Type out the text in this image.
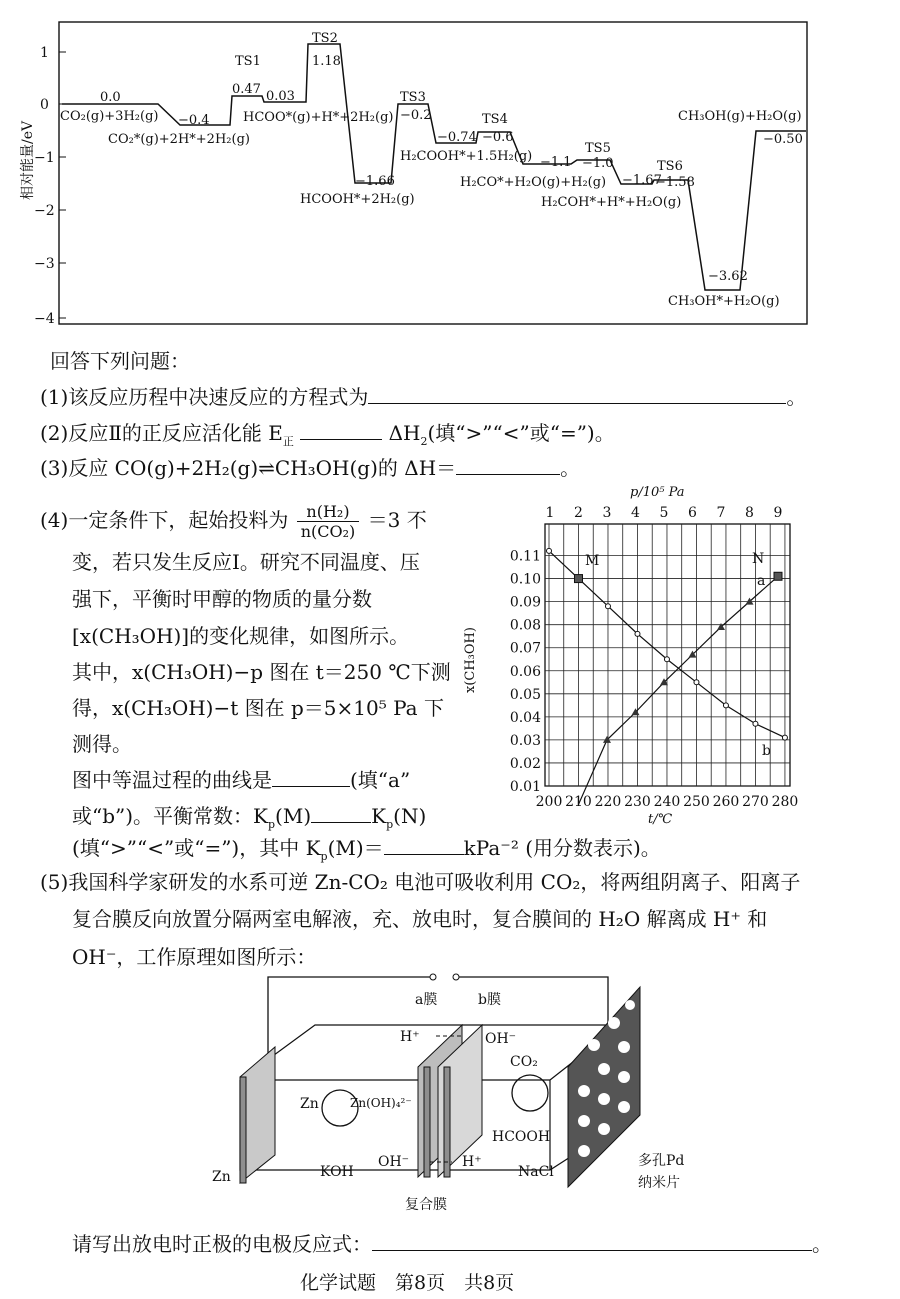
相对能量/eV
1
0
−1
−2
−3
−4
0.0
CO₂(g)+3H₂(g) −0.4
CO₂*(g)+2H*+2H₂(g)
TS1
0.47 0.03
HCOO*(g)+H*+2H₂(g)
TS2
1.18
−1.66
HCOOH*+2H₂(g)
TS3
−0.2
−0.74
H₂COOH*+1.5H₂(g)
TS4
−0.6
−1.1
H₂CO*+H₂O(g)+H₂(g)
TS5
−1.0
−1.67
H₂COH*+H*+H₂O(g)
TS6
−1.58
−3.62
CH₃OH*+H₂O(g)
−0.50
CH₃OH(g)+H₂O(g)
回答下列问题：
(1)该反应历程中决速反应的方程式为	。
(2)反应Ⅱ的正反应活化能 $E_正$	$\Delta H_2$(填“>”“<”或“=”)。
(3)反应 CO(g)+2H₂(g)⇌CH₃OH(g)的 ΔH＝	。
(4)一定条件下，起始投料为 $\frac{\text{n(H₂)}}{\text{n(CO₂)}} =3$ 不
变，若只发生反应Ⅰ。研究不同温度、压
强下，平衡时甲醇的物质的量分数
[x(CH₃OH)]的变化规律，如图所示。
其中，x(CH₃OH)−p 图在 t＝250 ℃下测
得，x(CH₃OH)−t 图在 p＝5×10⁵ Pa 下
测得。
图中等温过程的曲线是	(填“a”
或“b”)。平衡常数：$K_p(M)$	$K_p(N)$
(填“>”“<”或“=”)，其中 $K_p(M)=$	kPa⁻² (用分数表示)。
0.01
0.02
0.03
0.04
0.05
0.06
0.07
0.08
0.09
0.10
0.11
200 210 220 230 240 250 260 270 280
1 2 3 4 5 6 7 8 9
p/10⁵ Pa
t/℃
x(CH₃OH)
M	N
a
b
(5)我国科学家研发的水系可逆 Zn-CO₂ 电池可吸收利用 CO₂，将两组阴离子、阳离子
复合膜反向放置分隔两室电解液，充、放电时，复合膜间的 H₂O 解离成 H⁺ 和
OH⁻，工作原理如图所示：
a膜	b膜
H⁺	OH⁻
Zn	Zn(OH)₄²⁻
CO₂
HCOOH
KOH
OH⁻	H⁺
NaCl
Zn
复合膜
多孔Pd
纳米片
请写出放电时正极的电极反应式：	。
化学试题　第8页　共8页
